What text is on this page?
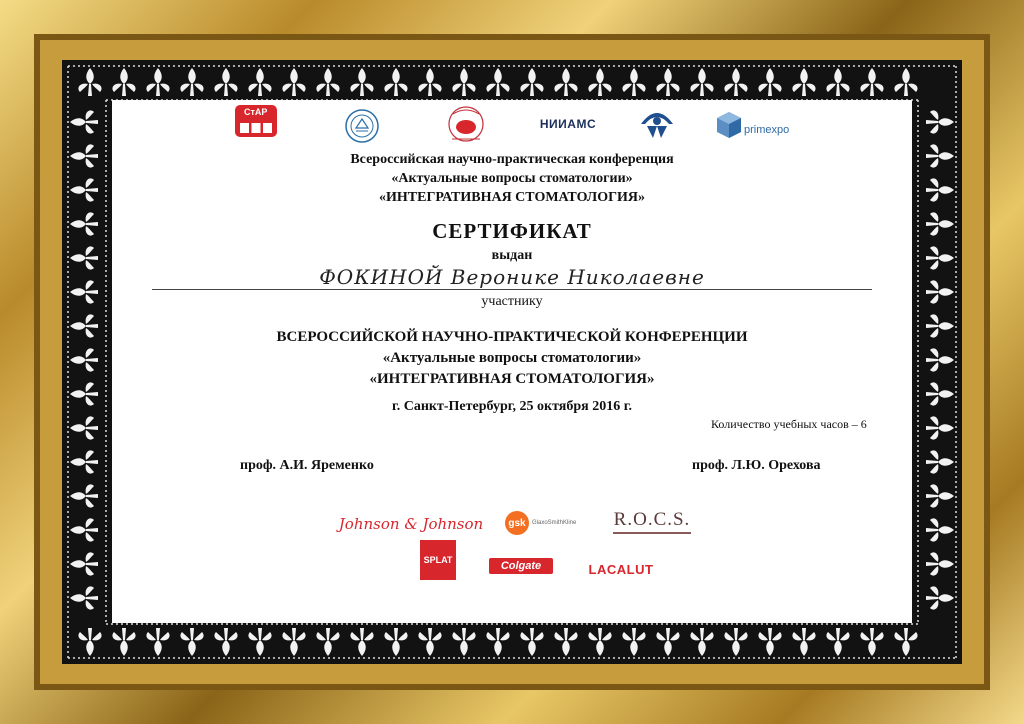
СтАР
НИИАМС	primexpo
Всероссийская научно-практическая конференция
«Актуальные вопросы стоматологии»
«ИНТЕГРАТИВНАЯ СТОМАТОЛОГИЯ»
СЕРТИФИКАТ
выдан
ФОКИНОЙ Веронике Николаевне
участнику
ВСЕРОССИЙСКОЙ НАУЧНО-ПРАКТИЧЕСКОЙ КОНФЕРЕНЦИИ
«Актуальные вопросы стоматологии»
«ИНТЕГРАТИВНАЯ СТОМАТОЛОГИЯ»
г. Санкт-Петербург, 25 октября 2016 г.
Количество учебных часов – 6
проф. А.И. Яременко	проф. Л.Ю. Орехова
Johnson & Johnson	gsk GlaxoSmithKline R.O.C.S.
SPLAT	Colgate	LACALUT
